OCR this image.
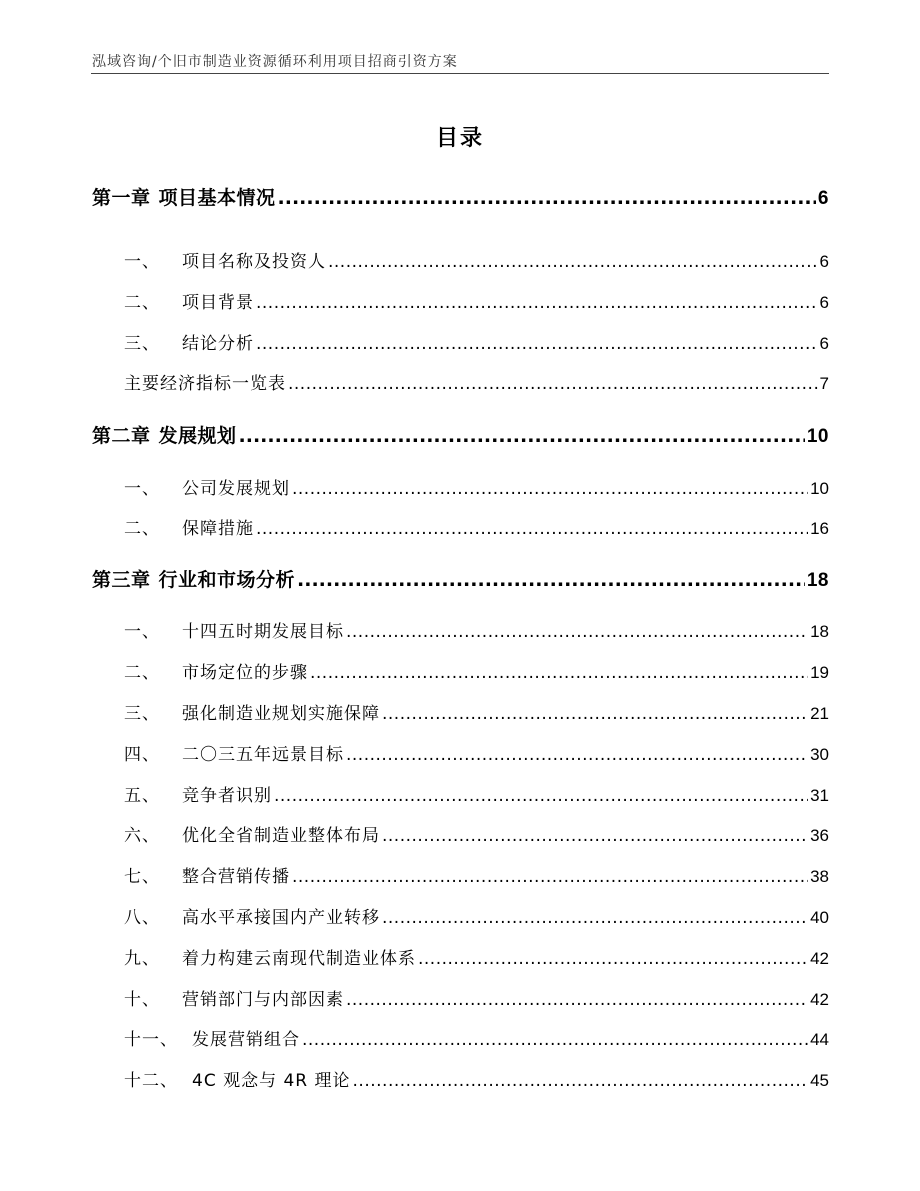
泓域咨询/个旧市制造业资源循环利用项目招商引资方案
目录
第一章 项目基本情况 .....	6
一、 项目名称及投资人 .....	6
二、 项目背景 .....	6
三、 结论分析 .....	6
主要经济指标一览表 .....	7
第二章 发展规划 .....	10
一、 公司发展规划 .....	10
二、 保障措施 .....	16
第三章 行业和市场分析 .....	18
一、 十四五时期发展目标 .....	18
二、 市场定位的步骤 .....	19
三、 强化制造业规划实施保障 .....	21
四、 二〇三五年远景目标 .....	30
五、 竞争者识别 .....	31
六、 优化全省制造业整体布局 .....	36
七、 整合营销传播 .....	38
八、 高水平承接国内产业转移 .....	40
九、 着力构建云南现代制造业体系 .....	42
十、 营销部门与内部因素 .....	42
十一、 发展营销组合 .....	44
十二、 4C 观念与 4R 理论 .....	45
